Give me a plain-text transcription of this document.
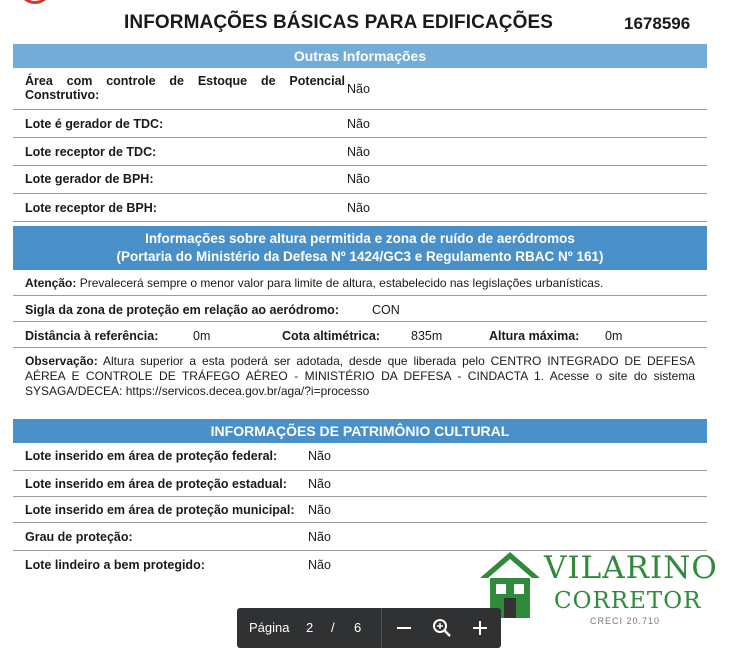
INFORMAÇÕES BÁSICAS PARA EDIFICAÇÕES	1678596
Outras Informações
Área com controle de Estoque de Potencial Construtivo:	Não
Lote é gerador de TDC:	Não
Lote receptor de TDC:	Não
Lote gerador de BPH:	Não
Lote receptor de BPH:	Não
Informações sobre altura permitida e zona de ruído de aeródromos
(Portaria do Ministério da Defesa Nº 1424/GC3 e Regulamento RBAC Nº 161)
Atenção: Prevalecerá sempre o menor valor para limite de altura, estabelecido nas legislações urbanísticas.
Sigla da zona de proteção em relação ao aeródromo:	CON
Distância à referência:	0m	Cota altimétrica: 835m	Altura máxima: 0m
Observação: Altura superior a esta poderá ser adotada, desde que liberada pelo CENTRO INTEGRADO DE DEFESA AÉREA E CONTROLE DE TRÁFEGO AÉREO - MINISTÉRIO DA DEFESA - CINDACTA 1. Acesse o site do sistema SYSAGA/DECEA: https://servicos.decea.gov.br/aga/?i=processo
INFORMAÇÕES DE PATRIMÔNIO CULTURAL
Lote inserido em área de proteção federal: Não
Lote inserido em área de proteção estadual: Não
Lote inserido em área de proteção municipal: Não
Grau de proteção:	Não
Lote lindeiro a bem protegido:	Não	VILARINO
CORRETOR
CRECI 20.710
Página 2 / 6
